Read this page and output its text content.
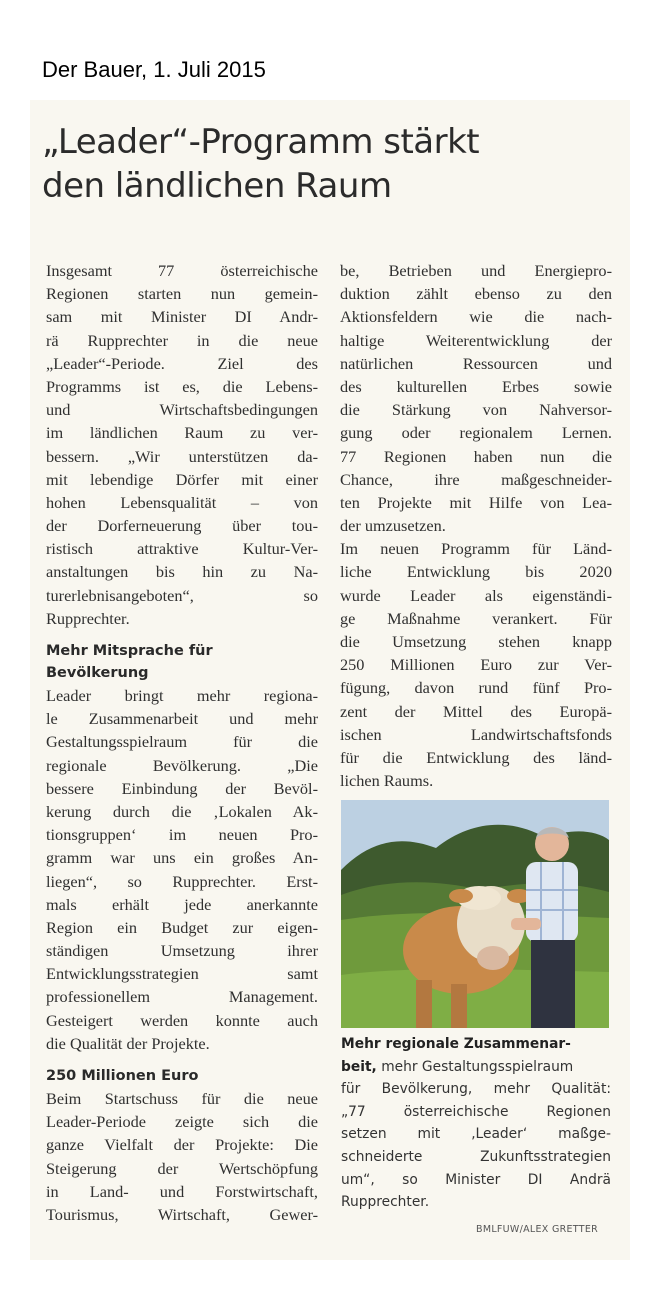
Der Bauer, 1. Juli 2015
„Leader“-Programm stärkt
den ländlichen Raum
Insgesamt 77 österreichische
Regionen starten nun gemein-
sam mit Minister DI Andr-
rä Rupprechter in die neue
„Leader“-Periode. Ziel des
Programms ist es, die Lebens-
und Wirtschaftsbedingungen
im ländlichen Raum zu ver-
bessern. „Wir unterstützen da-
mit lebendige Dörfer mit einer
hohen Lebensqualität – von
der Dorferneuerung über tou-
ristisch attraktive Kultur-Ver-
anstaltungen bis hin zu Na-
turerlebnisangeboten“, so
Rupprechter.
Mehr Mitsprache für
Bevölkerung
Leader bringt mehr regiona-
le Zusammenarbeit und mehr
Gestaltungsspielraum für die
regionale Bevölkerung. „Die
bessere Einbindung der Bevöl-
kerung durch die ‚Lokalen Ak-
tionsgruppen‘ im neuen Pro-
gramm war uns ein großes An-
liegen“, so Rupprechter. Erst-
mals erhält jede anerkannte
Region ein Budget zur eigen-
ständigen Umsetzung ihrer
Entwicklungsstrategien samt
professionellem Management.
Gesteigert werden konnte auch
die Qualität der Projekte.
250 Millionen Euro
Beim Startschuss für die neue
Leader-Periode zeigte sich die
ganze Vielfalt der Projekte: Die
Steigerung der Wertschöpfung
in Land- und Forstwirtschaft,
Tourismus, Wirtschaft, Gewer-
be, Betrieben und Energiepro-
duktion zählt ebenso zu den
Aktionsfeldern wie die nach-
haltige Weiterentwicklung der
natürlichen Ressourcen und
des kulturellen Erbes sowie
die Stärkung von Nahversor-
gung oder regionalem Lernen.
77 Regionen haben nun die
Chance, ihre maßgeschneider-
ten Projekte mit Hilfe von Lea-
der umzusetzen.
Im neuen Programm für Länd-
liche Entwicklung bis 2020
wurde Leader als eigenständi-
ge Maßnahme verankert. Für
die Umsetzung stehen knapp
250 Millionen Euro zur Ver-
fügung, davon rund fünf Pro-
zent der Mittel des Europä-
ischen Landwirtschaftsfonds
für die Entwicklung des länd-
lichen Raums.
Mehr regionale Zusammenar-
beit, mehr Gestaltungsspielraum
für Bevölkerung, mehr Qualität:
„77 österreichische Regionen
setzen mit ‚Leader‘ maßge-
schneiderte Zukunftsstrategien
um“, so Minister DI Andrä
Rupprechter.
BMLFUW/ALEX GRETTER
